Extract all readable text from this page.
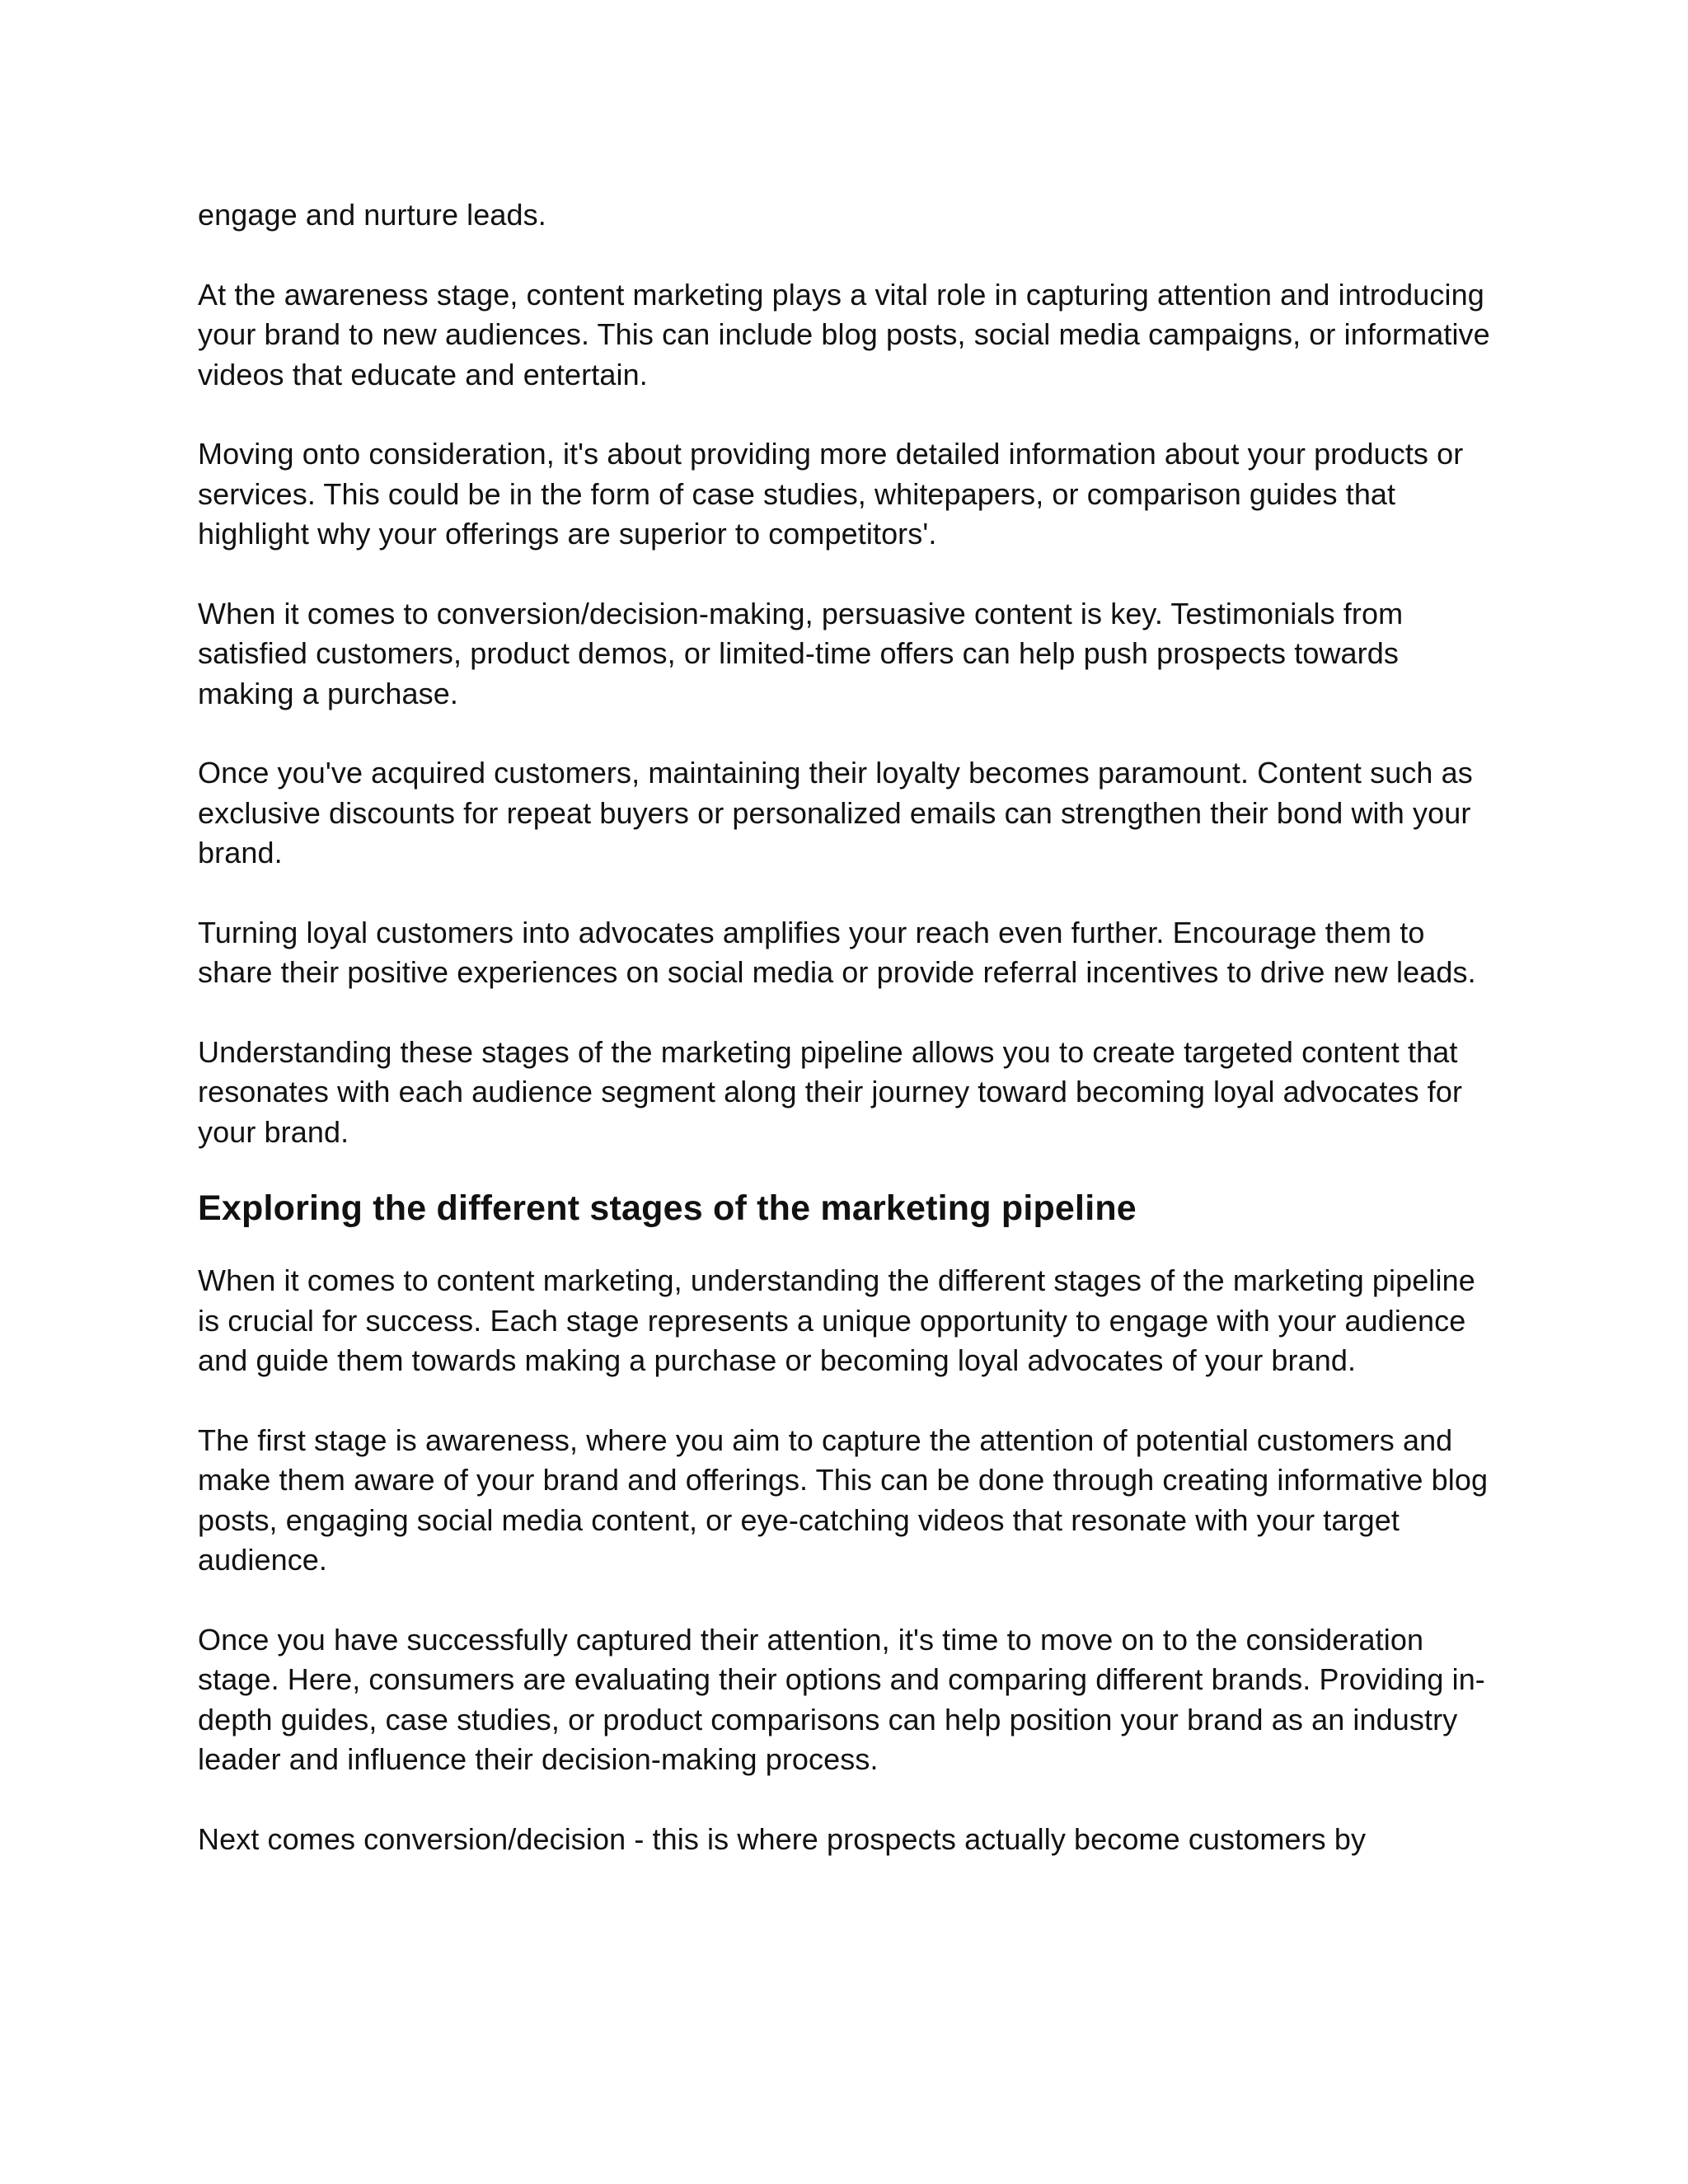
engage and nurture leads.

At the awareness stage, content marketing plays a vital role in capturing attention and introducing your brand to new audiences. This can include blog posts, social media campaigns, or informative videos that educate and entertain.

Moving onto consideration, it's about providing more detailed information about your products or services. This could be in the form of case studies, whitepapers, or comparison guides that highlight why your offerings are superior to competitors'.

When it comes to conversion/decision-making, persuasive content is key. Testimonials from satisfied customers, product demos, or limited-time offers can help push prospects towards making a purchase.

Once you've acquired customers, maintaining their loyalty becomes paramount. Content such as exclusive discounts for repeat buyers or personalized emails can strengthen their bond with your brand.

Turning loyal customers into advocates amplifies your reach even further. Encourage them to share their positive experiences on social media or provide referral incentives to drive new leads.

Understanding these stages of the marketing pipeline allows you to create targeted content that resonates with each audience segment along their journey toward becoming loyal advocates for your brand.

Exploring the different stages of the marketing pipeline

When it comes to content marketing, understanding the different stages of the marketing pipeline is crucial for success. Each stage represents a unique opportunity to engage with your audience and guide them towards making a purchase or becoming loyal advocates of your brand.

The first stage is awareness, where you aim to capture the attention of potential customers and make them aware of your brand and offerings. This can be done through creating informative blog posts, engaging social media content, or eye-catching videos that resonate with your target audience.

Once you have successfully captured their attention, it's time to move on to the consideration stage. Here, consumers are evaluating their options and comparing different brands. Providing in-depth guides, case studies, or product comparisons can help position your brand as an industry leader and influence their decision-making process.

Next comes conversion/decision - this is where prospects actually become customers by
